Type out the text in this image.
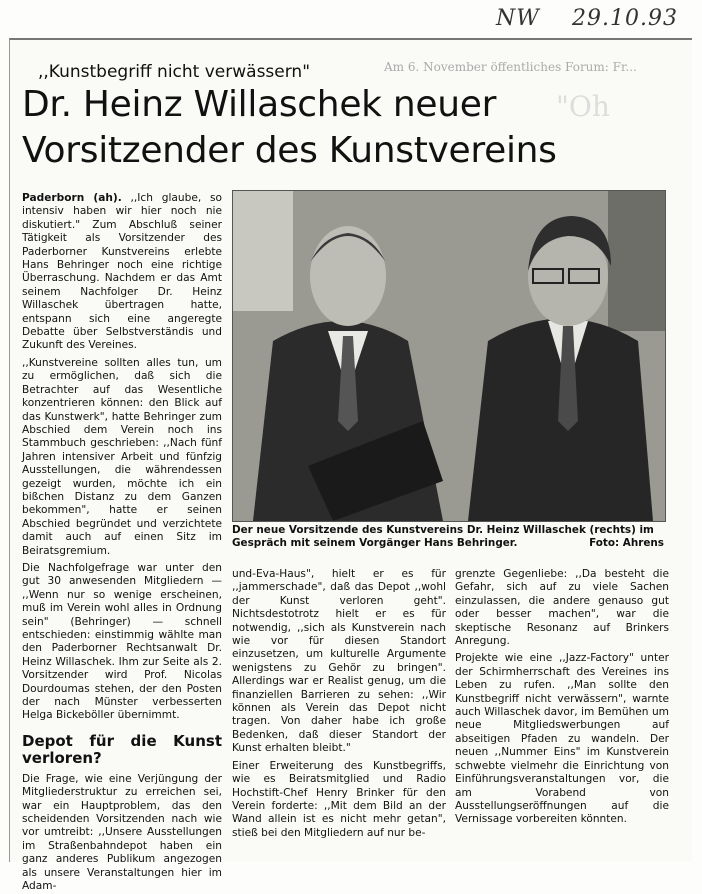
NW 29.10.93
Am 6. November öffentliches Forum: Fr...
"Oh
,,Kunstbegriff nicht verwässern"
Dr. Heinz Willaschek neuer Vorsitzender des Kunstvereins

Paderborn (ah). ,,Ich glaube, so intensiv haben wir hier noch nie diskutiert." Zum Abschluß seiner Tätigkeit als Vorsitzender des Paderborner Kunstvereins erlebte Hans Behringer noch eine richtige Überraschung. Nachdem er das Amt seinem Nachfolger Dr. Heinz Willaschek übertragen hatte, entspann sich eine angeregte Debatte über Selbstverständis und Zukunft des Vereines.

,,Kunstvereine sollten alles tun, um zu ermöglichen, daß sich die Betrachter auf das Wesentliche konzentrieren können: den Blick auf das Kunstwerk", hatte Behringer zum Abschied dem Verein noch ins Stammbuch geschrieben: ,,Nach fünf Jahren intensiver Arbeit und fünfzig Ausstellungen, die währendessen gezeigt wurden, möchte ich ein bißchen Distanz zu dem Ganzen bekommen", hatte er seinen Abschied begründet und verzichtete damit auch auf einen Sitz im Beiratsgremium.

Die Nachfolgefrage war unter den gut 30 anwesenden Mitgliedern — ,,Wenn nur so wenige erscheinen, muß im Verein wohl alles in Ordnung sein" (Behringer) — schnell entschieden: einstimmig wählte man den Paderborner Rechtsanwalt Dr. Heinz Willaschek. Ihm zur Seite als 2. Vorsitzender wird Prof. Nicolas Dourdoumas stehen, der den Posten der nach Münster verbesserten Helga Bickeböller übernimmt.

Depot für die Kunst verloren?

Die Frage, wie eine Verjüngung der Mitgliederstruktur zu erreichen sei, war ein Hauptproblem, das den scheidenden Vorsitzenden nach wie vor umtreibt: ,,Unsere Ausstellungen im Straßenbahndepot haben ein ganz anderes Publikum angezogen als unsere Veranstaltungen hier im Adam-

Der neue Vorsitzende des Kunstvereins Dr. Heinz Willaschek (rechts) im Gespräch mit seinem Vorgänger Hans Behringer.	Foto: Ahrens

und-Eva-Haus", hielt er es für ,,jammerschade", daß das Depot ,,wohl der Kunst verloren geht". Nichtsdestotrotz hielt er es für notwendig, ,,sich als Kunstverein nach wie vor für diesen Standort einzusetzen, um kulturelle Argumente wenigstens zu Gehör zu bringen". Allerdings war er Realist genug, um die finanziellen Barrieren zu sehen: ,,Wir können als Verein das Depot nicht tragen. Von daher habe ich große Bedenken, daß dieser Standort der Kunst erhalten bleibt."

Einer Erweiterung des Kunstbegriffs, wie es Beiratsmitglied und Radio Hochstift-Chef Henry Brinker für den Verein forderte: ,,Mit dem Bild an der Wand allein ist es nicht mehr getan", stieß bei den Mitgliedern auf nur be-

grenzte Gegenliebe: ,,Da besteht die Gefahr, sich auf zu viele Sachen einzulassen, die andere genauso gut oder besser machen", war die skeptische Resonanz auf Brinkers Anregung.

Projekte wie eine ,,Jazz-Factory" unter der Schirmherrschaft des Vereines ins Leben zu rufen. ,,Man sollte den Kunstbegriff nicht verwässern", warnte auch Willaschek davor, im Bemühen um neue Mitgliedswerbungen auf abseitigen Pfaden zu wandeln. Der neuen ,,Nummer Eins" im Kunstverein schwebte vielmehr die Einrichtung von Einführungsveranstaltungen vor, die am Vorabend von Ausstellungseröffnungen auf die Vernissage vorbereiten könnten.
